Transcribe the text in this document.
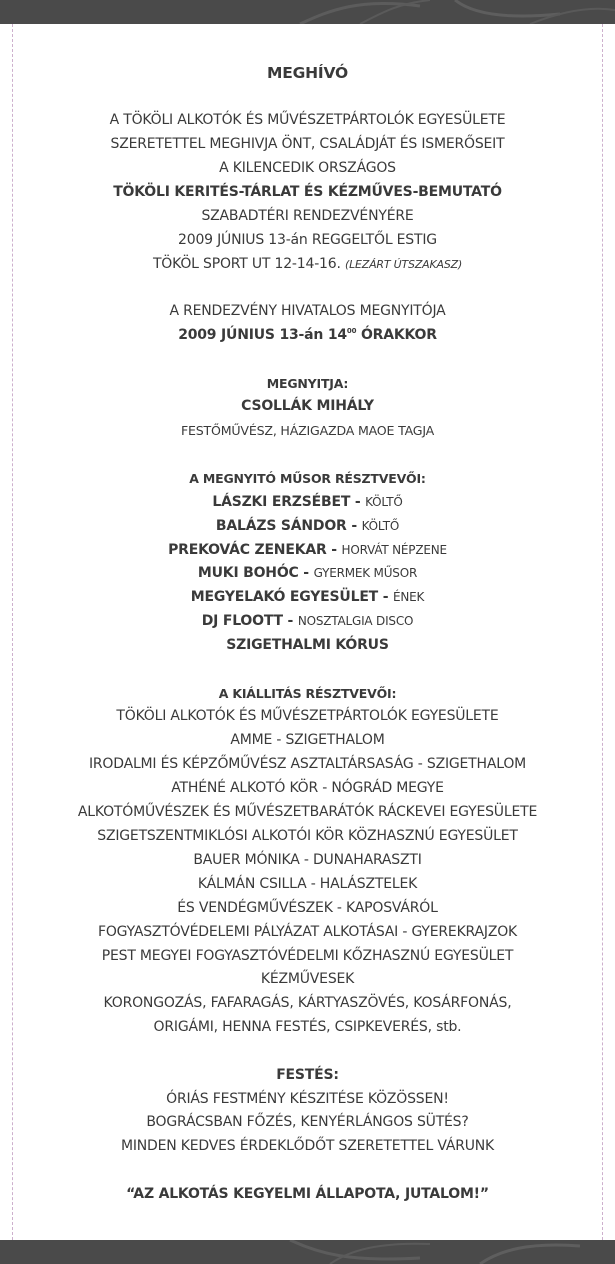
MEGHÍVÓ
A TÖKÖLI ALKOTÓK ÉS MŰVÉSZETPÁRTOLÓK EGYESÜLETE
SZERETETTEL MEGHIVJA ÖNT, CSALÁDJÁT ÉS ISMERŐSEIT
A KILENCEDIK ORSZÁGOS
TÖKÖLI KERITÉS-TÁRLAT ÉS KÉZMŰVES-BEMUTATÓ
SZABADTÉRI RENDEZVÉNYÉRE
2009 JÚNIUS 13-án REGGELTŐL ESTIG
TÖKÖL SPORT UT 12-14-16. (LEZÁRT ÚTSZAKASZ)
A RENDEZVÉNY HIVATALOS MEGNYITÓJA
2009 JÚNIUS 13-án $14^{00}$ ÓRAKKOR
MEGNYITJA:
CSOLLÁK MIHÁLY
FESTŐMŰVÉSZ, HÁZIGAZDA MAOE TAGJA
A MEGNYITÓ MŰSOR RÉSZTVEVŐI:
LÁSZKI ERZSÉBET - KÖLTŐ
BALÁZS SÁNDOR - KÖLTŐ
PREKOVÁC ZENEKAR - HORVÁT NÉPZENE
MUKI BOHÓC - GYERMEK MŰSOR
MEGYELAKÓ EGYESÜLET - ÉNEK
DJ FLOOTT - NOSZTALGIA DISCO
SZIGETHALMI KÓRUS
A KIÁLLITÁS RÉSZTVEVŐI:
TÖKÖLI ALKOTÓK ÉS MŰVÉSZETPÁRTOLÓK EGYESÜLETE
AMME - SZIGETHALOM
IRODALMI ÉS KÉPZŐMŰVÉSZ ASZTALTÁRSASÁG - SZIGETHALOM
ATHÉNÉ ALKOTÓ KÖR - NÓGRÁD MEGYE
ALKOTÓMŰVÉSZEK ÉS MŰVÉSZETBARÁTÓK RÁCKEVEI EGYESÜLETE
SZIGETSZENTMIKLÓSI ALKOTÓI KÖR KÖZHASZNÚ EGYESÜLET
BAUER MÓNIKA - DUNAHARASZTI
KÁLMÁN CSILLA - HALÁSZTELEK
ÉS VENDÉGMŰVÉSZEK - KAPOSVÁRÓL
FOGYASZTÓVÉDELEMI PÁLYÁZAT ALKOTÁSAI - GYEREKRAJZOK
PEST MEGYEI FOGYASZTÓVÉDELMI KŐZHASZNÚ EGYESÜLET
KÉZMŰVESEK
KORONGOZÁS, FAFARAGÁS, KÁRTYASZÖVÉS, KOSÁRFONÁS,
ORIGÁMI, HENNA FESTÉS, CSIPKEVERÉS, stb.
FESTÉS:
ÓRIÁS FESTMÉNY KÉSZITÉSE KÖZÖSSEN!
BOGRÁCSBAN FŐZÉS, KENYÉRLÁNGOS SÜTÉS?
MINDEN KEDVES ÉRDEKLŐDŐT SZERETETTEL VÁRUNK
“AZ ALKOTÁS KEGYELMI ÁLLAPOTA, JUTALOM!”
